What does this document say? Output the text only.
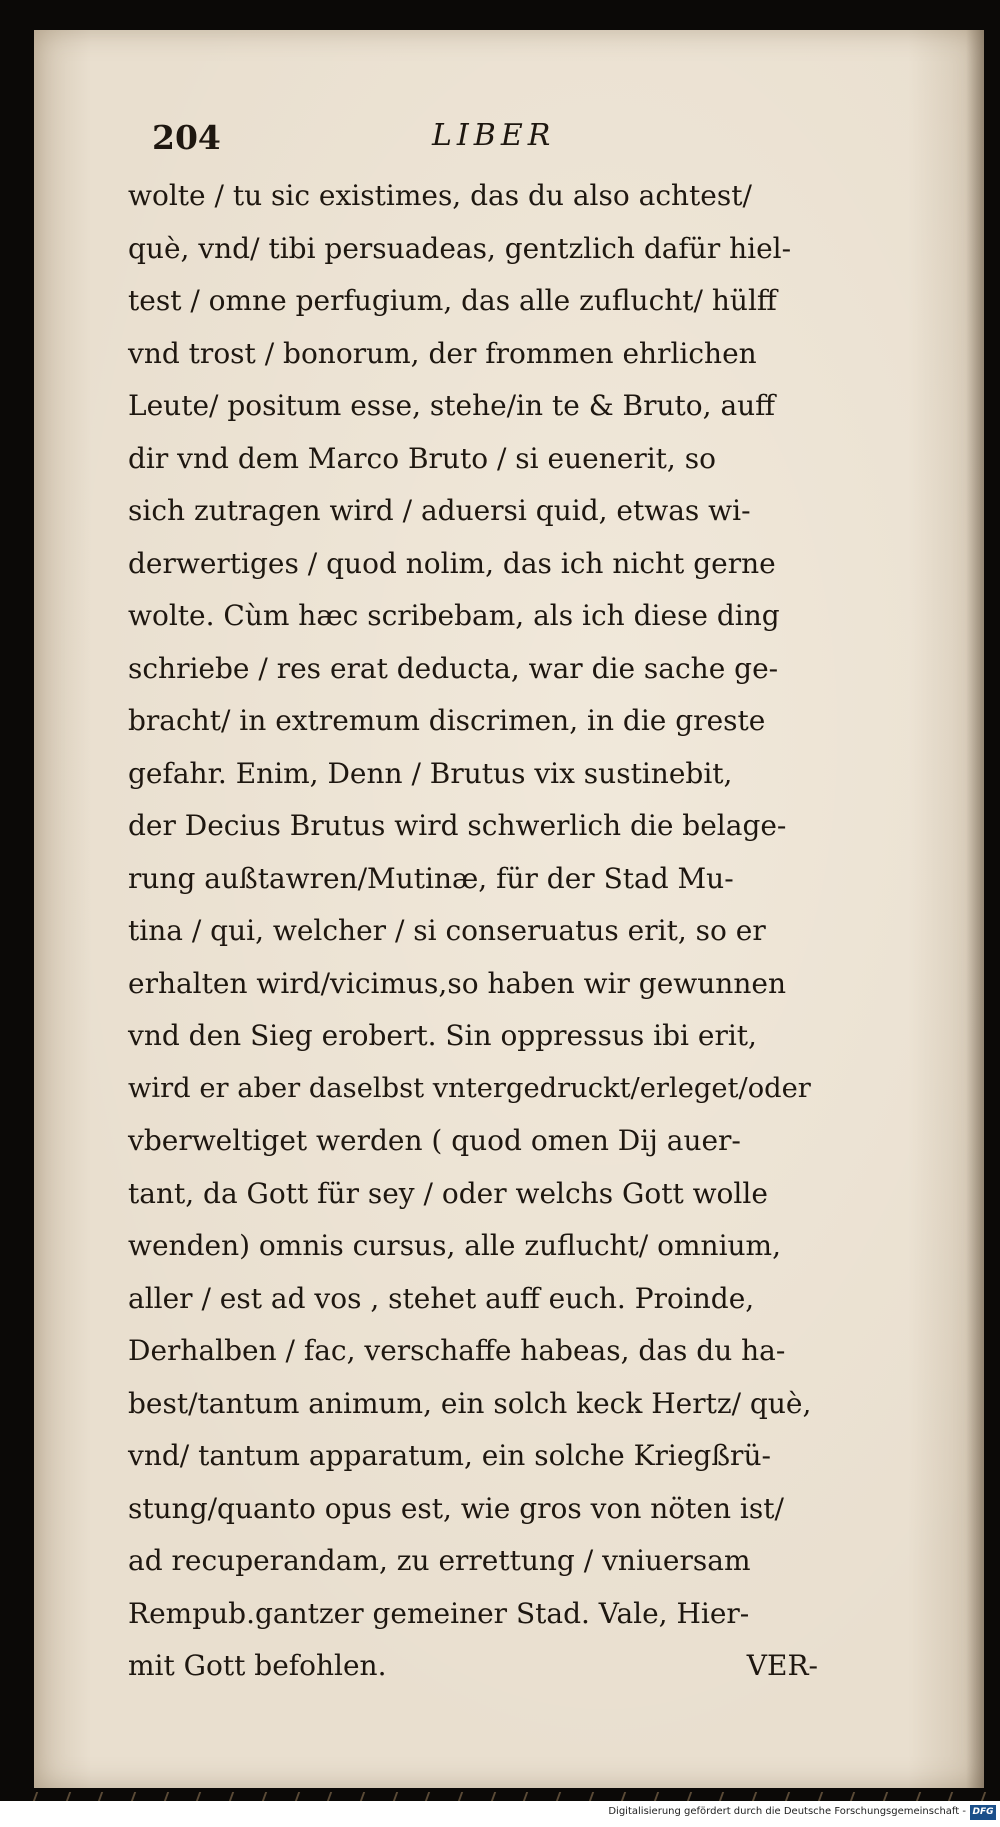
204	LIBER
wolte / tu sic existimes, das du also achtest/
què, vnd/ tibi persuadeas, gentzlich dafür hiel-
test / omne perfugium, das alle zuflucht/ hülff
vnd trost / bonorum, der frommen ehrlichen
Leute/ positum esse, stehe/in te & Bruto, auff
dir vnd dem Marco Bruto / si euenerit, so
sich zutragen wird / aduersi quid, etwas wi-
derwertiges / quod nolim, das ich nicht gerne
wolte. Cùm hæc scribebam, als ich diese ding
schriebe / res erat deducta, war die sache ge-
bracht/ in extremum discrimen, in die greste
gefahr. Enim, Denn / Brutus vix sustinebit,
der Decius Brutus wird schwerlich die belage-
rung außtawren/Mutinæ, für der Stad Mu-
tina / qui, welcher / si conseruatus erit, so er
erhalten wird/vicimus,so haben wir gewunnen
vnd den Sieg erobert. Sin oppressus ibi erit,
wird er aber daselbst vntergedruckt/erleget/oder
vberweltiget werden ( quod omen Dij auer-
tant, da Gott für sey / oder welchs Gott wolle
wenden) omnis cursus, alle zuflucht/ omnium,
aller / est ad vos , stehet auff euch. Proinde,
Derhalben / fac, verschaffe habeas, das du ha-
best/tantum animum, ein solch keck Hertz/ què,
vnd/ tantum apparatum, ein solche Kriegßrü-
stung/quanto opus est, wie gros von nöten ist/
ad recuperandam, zu errettung / vniuersam
Rempub.gantzer gemeiner Stad. Vale, Hier-
mit Gott befohlen.	VER-
Digitalisierung gefördert durch die Deutsche Forschungsgemeinschaft - DFG
